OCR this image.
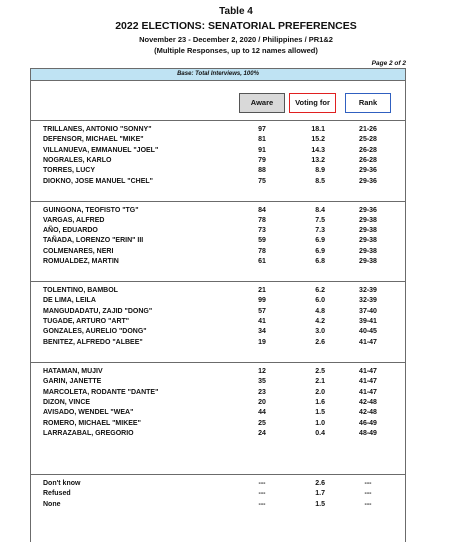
Table 4
2022 ELECTIONS: SENATORIAL PREFERENCES
November 23 - December 2, 2020 / Philippines / PR1&2
(Multiple Responses, up to 12 names allowed)
Page 2 of 2
Base: Total Interviews, 100%
Aware	Voting for	Rank
TRILLANES, ANTONIO "SONNY"	97	18.1	21-26
DEFENSOR, MICHAEL "MIKE"	81	15.2	25-28
VILLANUEVA, EMMANUEL "JOEL"	91	14.3	26-28
NOGRALES, KARLO	79	13.2	26-28
TORRES, LUCY	88	8.9	29-36
DIOKNO, JOSE MANUEL "CHEL"	75	8.5	29-36
GUINGONA, TEOFISTO "TG"	84	8.4	29-36
VARGAS, ALFRED	78	7.5	29-38
AÑO, EDUARDO	73	7.3	29-38
TAÑADA, LORENZO "ERIN" III	59	6.9	29-38
COLMENARES, NERI	78	6.9	29-38
ROMUALDEZ, MARTIN	61	6.8	29-38
TOLENTINO, BAMBOL	21	6.2	32-39
DE LIMA, LEILA	99	6.0	32-39
MANGUDADATU, ZAJID "DONG"	57	4.8	37-40
TUGADE, ARTURO "ART"	41	4.2	39-41
GONZALES, AURELIO "DONG"	34	3.0	40-45
BENITEZ, ALFREDO "ALBEE"	19	2.6	41-47
HATAMAN, MUJIV	12	2.5	41-47
GARIN, JANETTE	35	2.1	41-47
MARCOLETA, RODANTE "DANTE"	23	2.0	41-47
DIZON, VINCE	20	1.6	42-48
AVISADO, WENDEL "WEA"	44	1.5	42-48
ROMERO, MICHAEL "MIKEE"	25	1.0	46-49
LARRAZABAL, GREGORIO	24	0.4	48-49
Don't know	---	2.6	---
Refused	---	1.7	---
None	---	1.5	---
